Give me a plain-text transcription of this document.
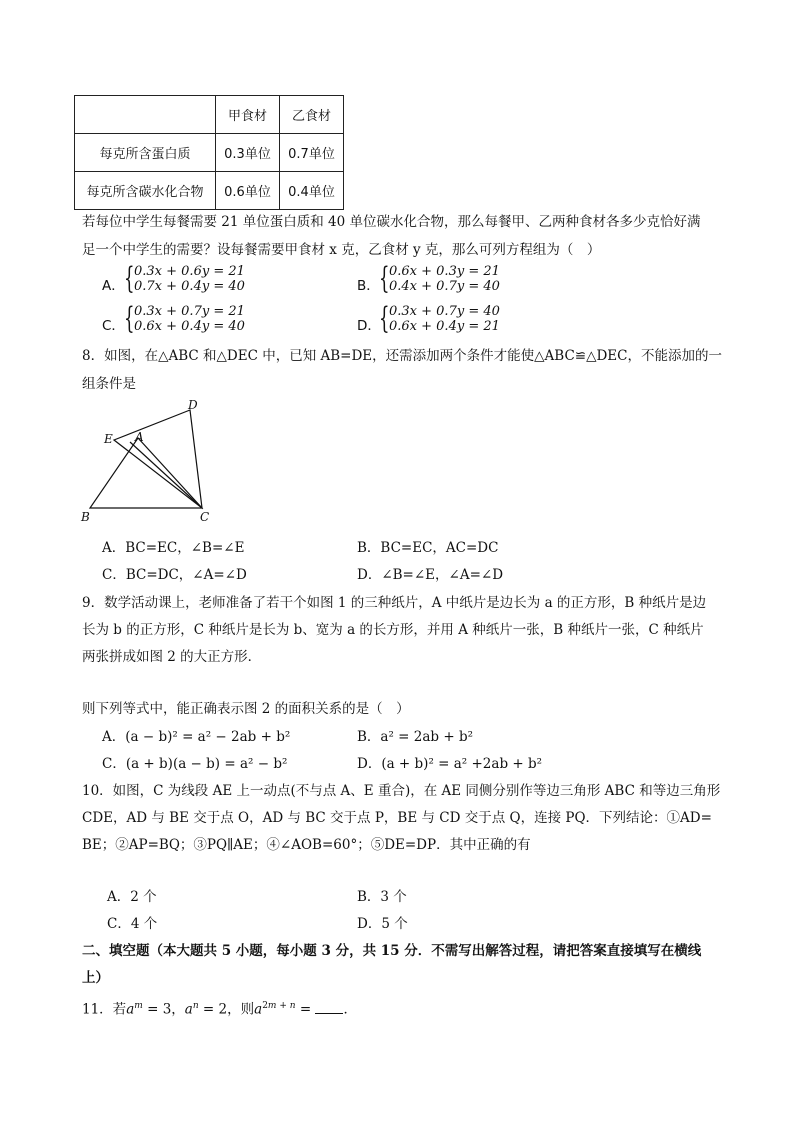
	甲食材	乙食材
每克所含蛋白质	0.3单位	0.7单位
每克所含碳水化合物	0.6单位	0.4单位
若每位中学生每餐需要 21 单位蛋白质和 40 单位碳水化合物，那么每餐甲、乙两种食材各多少克恰好满
足一个中学生的需要？设每餐需要甲食材 x 克，乙食材 y 克，那么可列方程组为（　）
A． { 0.3x + 0.6y = 21
0.7x + 0.4y = 40	B． { 0.6x + 0.3y = 21
0.4x + 0.7y = 40
C． { 0.3x + 0.7y = 21
0.6x + 0.4y = 40	D．
{ 0.3x + 0.7y = 40
0.6x + 0.4y = 21
8．如图，在△ABC 和△DEC 中，已知 AB=DE，还需添加两个条件才能使△ABC≌△DEC，不能添加的一
组条件是
D
E A
B	C
A．BC=EC，∠B=∠E	B．BC=EC，AC=DC
C．BC=DC，∠A=∠D	D．∠B=∠E，∠A=∠D
9．数学活动课上，老师准备了若干个如图 1 的三种纸片，A 中纸片是边长为 a 的正方形，B 种纸片是边
长为 b 的正方形，C 种纸片是长为 b、宽为 a 的长方形，并用 A 种纸片一张，B 种纸片一张，C 种纸片
两张拼成如图 2 的大正方形．
则下列等式中，能正确表示图 2 的面积关系的是（　）
A．(a − b)² = a² − 2ab + b²	B．a² = 2ab + b²
C．(a + b)(a − b) = a² − b²	D．(a + b)² = a² +2ab + b²
10．如图，C 为线段 AE 上一动点(不与点 A、E 重合)，在 AE 同侧分别作等边三角形 ABC 和等边三角形
CDE，AD 与 BE 交于点 O，AD 与 BC 交于点 P，BE 与 CD 交于点 Q，连接 PQ．下列结论：①AD=
BE；②AP=BQ；③PQ∥AE；④∠AOB=60°；⑤DE=DP．其中正确的有
A．2 个	B．3 个
C．4 个	D．5 个
二、填空题（本大题共 5 小题，每小题 3 分，共 15 分．不需写出解答过程，请把答案直接填写在横线
上）
11．若$a^m = 3$，$a^n = 2$，则$a^{2m + n}$ = ．
